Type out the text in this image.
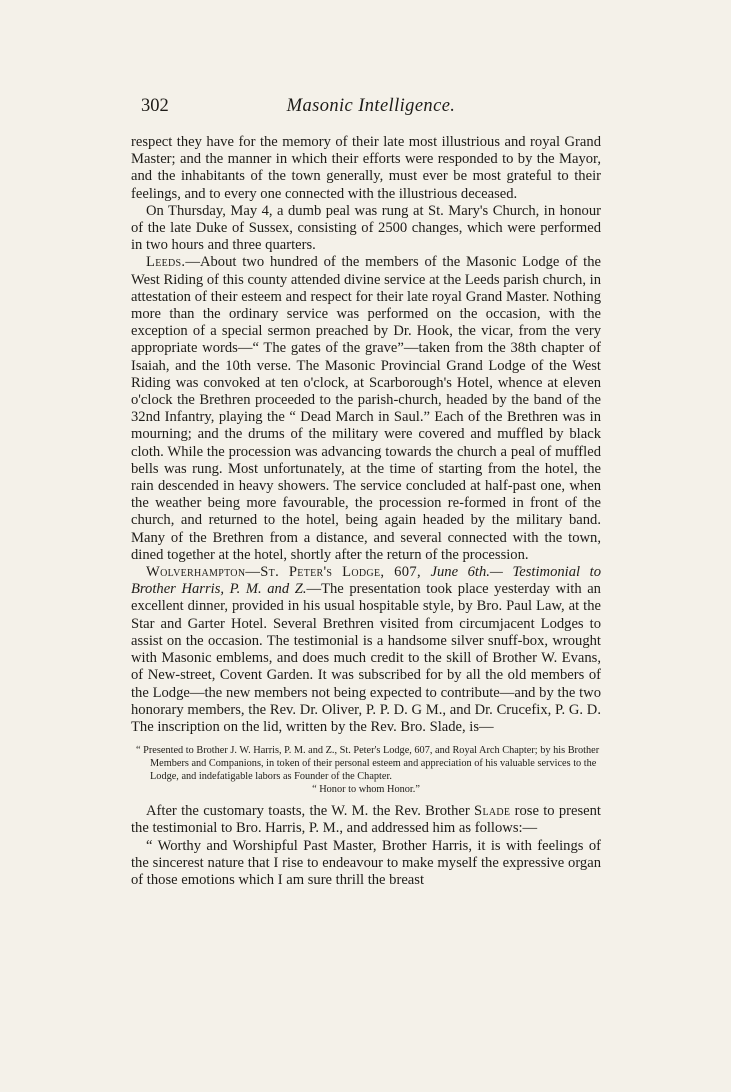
302	Masonic Intelligence.

respect they have for the memory of their late most illustrious and royal Grand Master; and the manner in which their efforts were responded to by the Mayor, and the inhabitants of the town generally, must ever be most grateful to their feelings, and to every one connected with the illustrious deceased.

On Thursday, May 4, a dumb peal was rung at St. Mary's Church, in honour of the late Duke of Sussex, consisting of 2500 changes, which were performed in two hours and three quarters.

Leeds.—About two hundred of the members of the Masonic Lodge of the West Riding of this county attended divine service at the Leeds parish church, in attestation of their esteem and respect for their late royal Grand Master. Nothing more than the ordinary service was performed on the occasion, with the exception of a special sermon preached by Dr. Hook, the vicar, from the very appropriate words—“ The gates of the grave”—taken from the 38th chapter of Isaiah, and the 10th verse. The Masonic Provincial Grand Lodge of the West Riding was convoked at ten o'clock, at Scarborough's Hotel, whence at eleven o'clock the Brethren proceeded to the parish-church, headed by the band of the 32nd Infantry, playing the “ Dead March in Saul.” Each of the Brethren was in mourning; and the drums of the military were covered and muffled by black cloth. While the procession was advancing towards the church a peal of muffled bells was rung. Most unfortunately, at the time of starting from the hotel, the rain descended in heavy showers. The service concluded at half-past one, when the weather being more favourable, the procession re-formed in front of the church, and returned to the hotel, being again headed by the military band. Many of the Brethren from a distance, and several connected with the town, dined together at the hotel, shortly after the return of the procession.

Wolverhampton—St. Peter's Lodge, 607, June 6th.— Testimonial to Brother Harris, P. M. and Z.—The presentation took place yesterday with an excellent dinner, provided in his usual hospitable style, by Bro. Paul Law, at the Star and Garter Hotel. Several Brethren visited from circumjacent Lodges to assist on the occasion. The testimonial is a handsome silver snuff-box, wrought with Masonic emblems, and does much credit to the skill of Brother W. Evans, of New-street, Covent Garden. It was subscribed for by all the old members of the Lodge—the new members not being expected to contribute—and by the two honorary members, the Rev. Dr. Oliver, P. P. D. G M., and Dr. Crucefix, P. G. D. The inscription on the lid, written by the Rev. Bro. Slade, is—

“ Presented to Brother J. W. Harris, P. M. and Z., St. Peter's Lodge, 607, and Royal Arch Chapter; by his Brother Members and Companions, in token of their personal esteem and appreciation of his valuable services to the Lodge, and indefatigable labors as Founder of the Chapter.

“ Honor to whom Honor.”

After the customary toasts, the W. M. the Rev. Brother Slade rose to present the testimonial to Bro. Harris, P. M., and addressed him as follows:—

“ Worthy and Worshipful Past Master, Brother Harris, it is with feelings of the sincerest nature that I rise to endeavour to make myself the expressive organ of those emotions which I am sure thrill the breast
